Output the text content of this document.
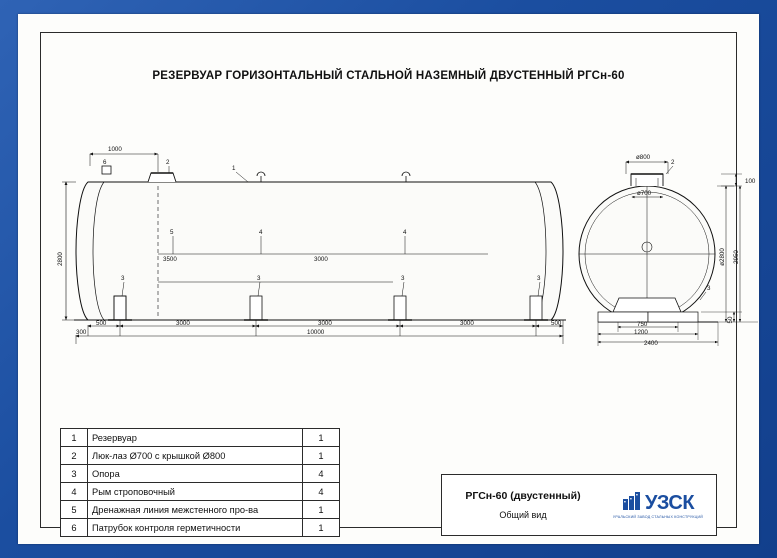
РЕЗЕРВУАР ГОРИЗОНТАЛЬНЫЙ СТАЛЬНОЙ НАЗЕМНЫЙ ДВУСТЕННЫЙ РГСн-60
1
2
6
5	4	4
3	3	3	3
1000
2800	3500	3000
500	3000	3000	3000	500
300	10000
2
3
ø800
ø700
100
ø2800 2950
50
750
1200
2400
1	Резервуар	1
2	Люк-лаз Ø700 с крышкой Ø800	1
3	Опора	4
4	Рым строповочный	4
5	Дренажная линия межстенного про-ва	1
6	Патрубок контроля герметичности	1
РГСн-60 (двустенный)
Общий вид
УЗСК
УРАЛЬСКИЙ ЗАВОД СТАЛЬНЫХ КОНСТРУКЦИЙ
